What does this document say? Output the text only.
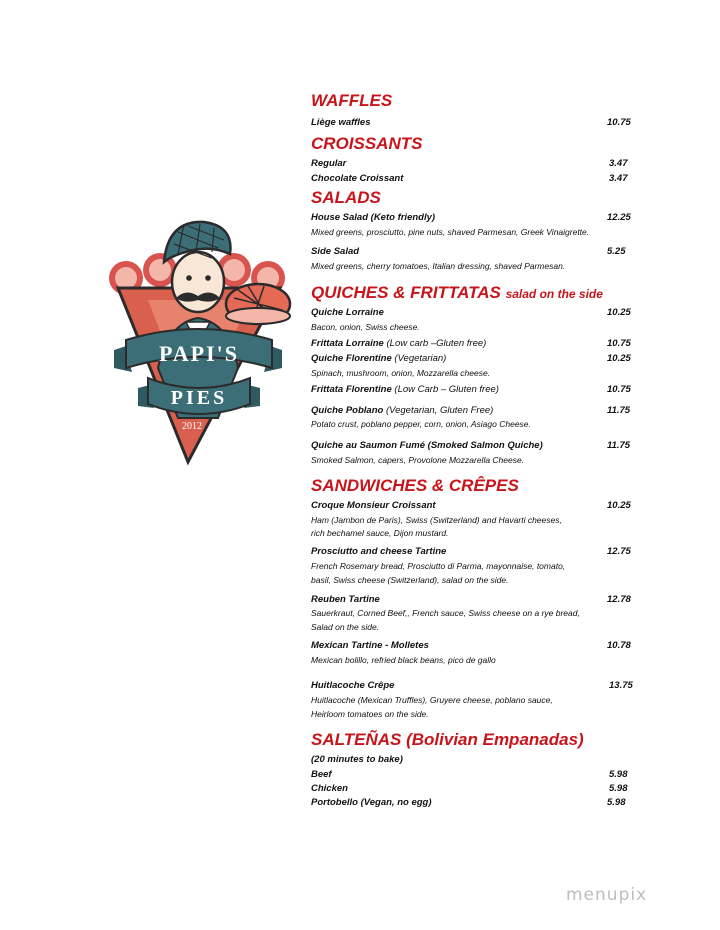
PAPI'S
PIES
2012
WAFFLES
Liège waffles	10.75
CROISSANTS
Regular	3.47
Chocolate Croissant	3.47
SALADS
House Salad (Keto friendly)	12.25
Mixed greens, prosciutto, pine nuts, shaved Parmesan, Greek Vinaigrette.
Side Salad	5.25
Mixed greens, cherry tomatoes, Italian dressing, shaved Parmesan.
QUICHES & FRITTATAS salad on the side
Quiche Lorraine	10.25
Bacon, onion, Swiss cheese.
Frittata Lorraine (Low carb –Gluten free)	10.75
Quiche Florentine (Vegetarian)	10.25
Spinach, mushroom, onion, Mozzarella cheese.
Frittata Florentine (Low Carb – Gluten free)	10.75
Quiche Poblano (Vegetarian, Gluten Free)	11.75
Potato crust, poblano pepper, corn, onion, Asiago Cheese.
Quiche au Saumon Fumé (Smoked Salmon Quiche)	11.75
Smoked Salmon, capers, Provolone Mozzarella Cheese.
SANDWICHES & CRÊPES
Croque Monsieur Croissant	10.25
Ham (Jambon de Paris), Swiss (Switzerland) and Havarti cheeses,
rich bechamel sauce, Dijon mustard.
Prosciutto and cheese Tartine	12.75
French Rosemary bread, Prosciutto di Parma, mayonnaise, tomato,
basil, Swiss cheese (Switzerland), salad on the side.
Reuben Tartine	12.78
Sauerkraut, Corned Beef,, French sauce, Swiss cheese on a rye bread,
Salad on the side.
Mexican Tartine - Molletes	10.78
Mexican bolillo, refried black beans, pico de gallo
Huitlacoche Crêpe	13.75
Huitlacoche (Mexican Truffles), Gruyere cheese, poblano sauce,
Heirloom tomatoes on the side.
SALTEÑAS (Bolivian Empanadas)
(20 minutes to bake)
Beef	5.98
Chicken	5.98
Portobello (Vegan, no egg)	5.98
menupix
